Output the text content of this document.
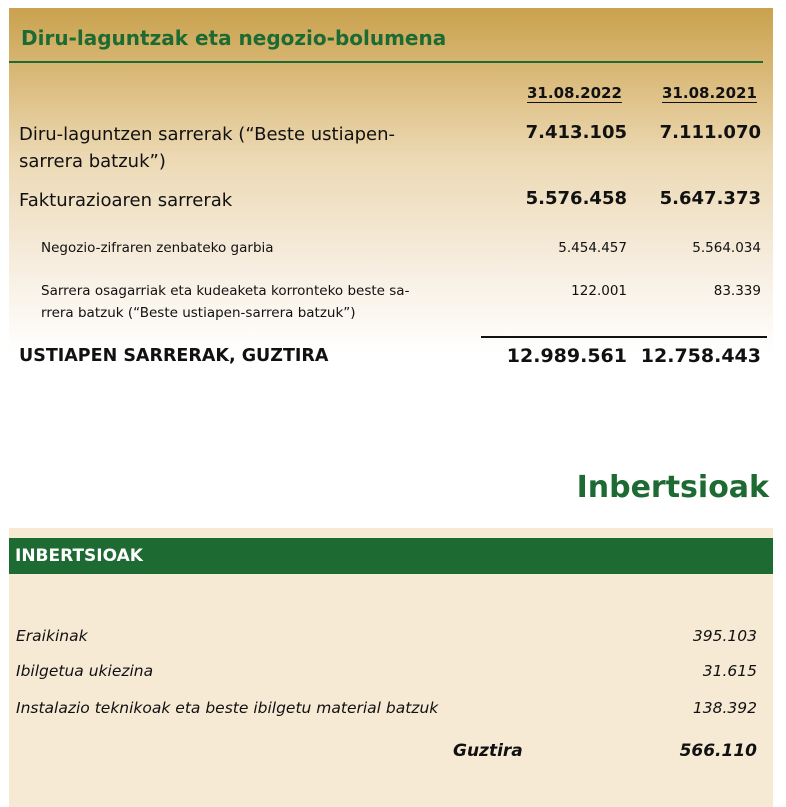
Diru-laguntzak eta negozio-bolumena
31.08.2022	31.08.2021
Diru-laguntzen sarrerak (“Beste ustiapen-
sarrera batzuk”)
7.413.105	7.111.070
Fakturazioaren sarrerak	5.576.458	5.647.373
Negozio-zifraren zenbateko garbia	5.454.457	5.564.034
Sarrera osagarriak eta kudeaketa korronteko beste sa-
rrera batzuk (“Beste ustiapen-sarrera batzuk”)
122.001	83.339
USTIAPEN SARRERAK, GUZTIRA	12.989.561 12.758.443
Inbertsioak
INBERTSIOAK
Eraikinak	395.103
Ibilgetua ukiezina	31.615
Instalazio teknikoak eta beste ibilgetu material batzuk	138.392
Guztira	566.110
